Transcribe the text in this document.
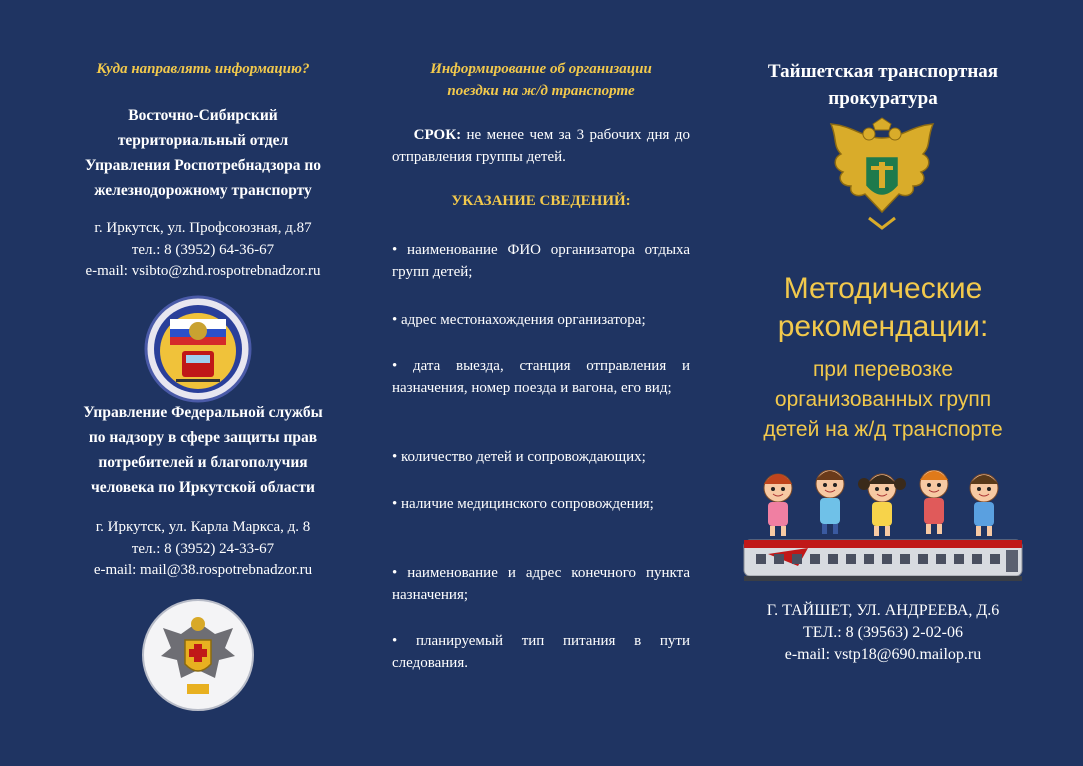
Куда направлять информацию?
Восточно-Сибирский
территориальный отдел
Управления Роспотребнадзора по
железнодорожному транспорту
г. Иркутск, ул. Профсоюзная, д.87
тел.: 8 (3952) 64-36-67
e-mail: vsibto@zhd.rospotrebnadzor.ru
Управление Федеральной службы
по надзору в сфере защиты прав
потребителей и благополучия
человека по Иркутской области
г. Иркутск, ул. Карла Маркса, д. 8
тел.: 8 (3952) 24-33-67
e-mail: mail@38.rospotrebnadzor.ru
Информирование об организации
поездки на ж/д транспорте
СРОК: не менее чем за 3 рабочих дня до отправления группы детей.
УКАЗАНИЕ СВЕДЕНИЙ:
• наименование ФИО организатора отдыха групп детей;
• адрес местонахождения организатора;
• дата выезда, станция отправления и назначения, номер поезда и вагона, его вид;
• количество детей и сопровождающих;
• наличие медицинского сопровождения;
• наименование и адрес конечного пункта назначения;
• планируемый тип питания в пути следования.
Тайшетская транспортная
прокуратура
Методические
рекомендации:
при перевозке
организованных групп
детей на ж/д транспорте
Г. ТАЙШЕТ, УЛ. АНДРЕЕВА, Д.6
ТЕЛ.: 8 (39563) 2-02-06
e-mail: vstp18@690.mailop.ru
